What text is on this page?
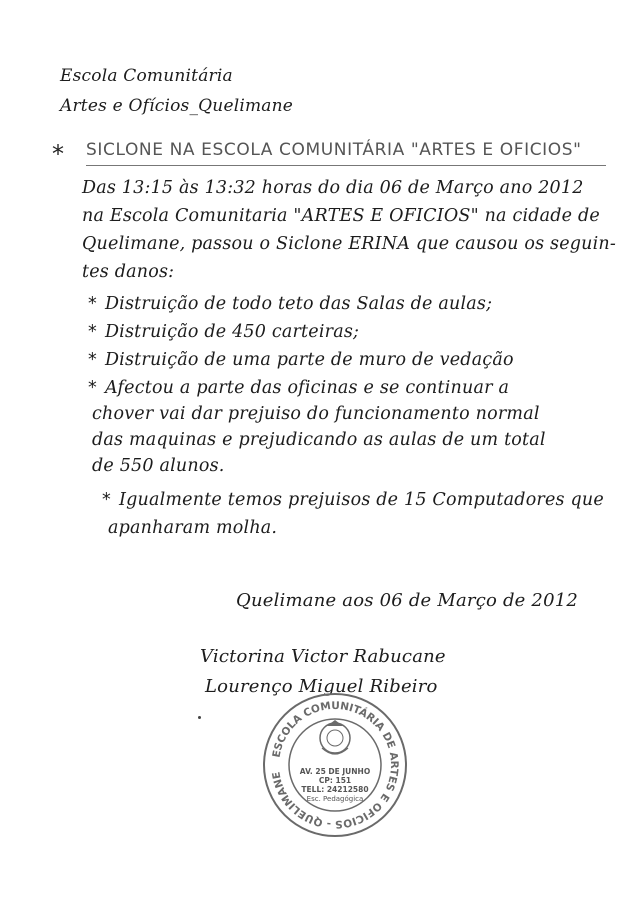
Escola Comunitária
Artes e Ofícios_Quelimane
* SICLONE NA ESCOLA COMUNITÁRIA "ARTES E OFICIOS"
Das 13:15 às 13:32 horas do dia 06 de Março ano 2012
na Escola Comunitaria "ARTES E OFICIOS" na cidade de
Quelimane, passou o Siclone ERINA que causou os seguin-
tes danos:
* Distruição de todo teto das Salas de aulas;
* Distruição de 450 carteiras;
* Distruição de uma parte de muro de vedação
* Afectou a parte das oficinas e se continuar a
chover vai dar prejuiso do funcionamento normal
das maquinas e prejudicando as aulas de um total
de 550 alunos.
* Igualmente temos prejuisos de 15 Computadores que
apanharam molha.
Quelimane aos 06 de Março de 2012
Victorina Victor Rabucane
Lourenço Miguel Ribeiro
ESCOLA COMUNITÁRIA DE ARTES E OFICIOS - QUELIMANE	AV. 25 DE JUNHO
CP: 151
TELL: 24212580
Esc. Pedagógica
